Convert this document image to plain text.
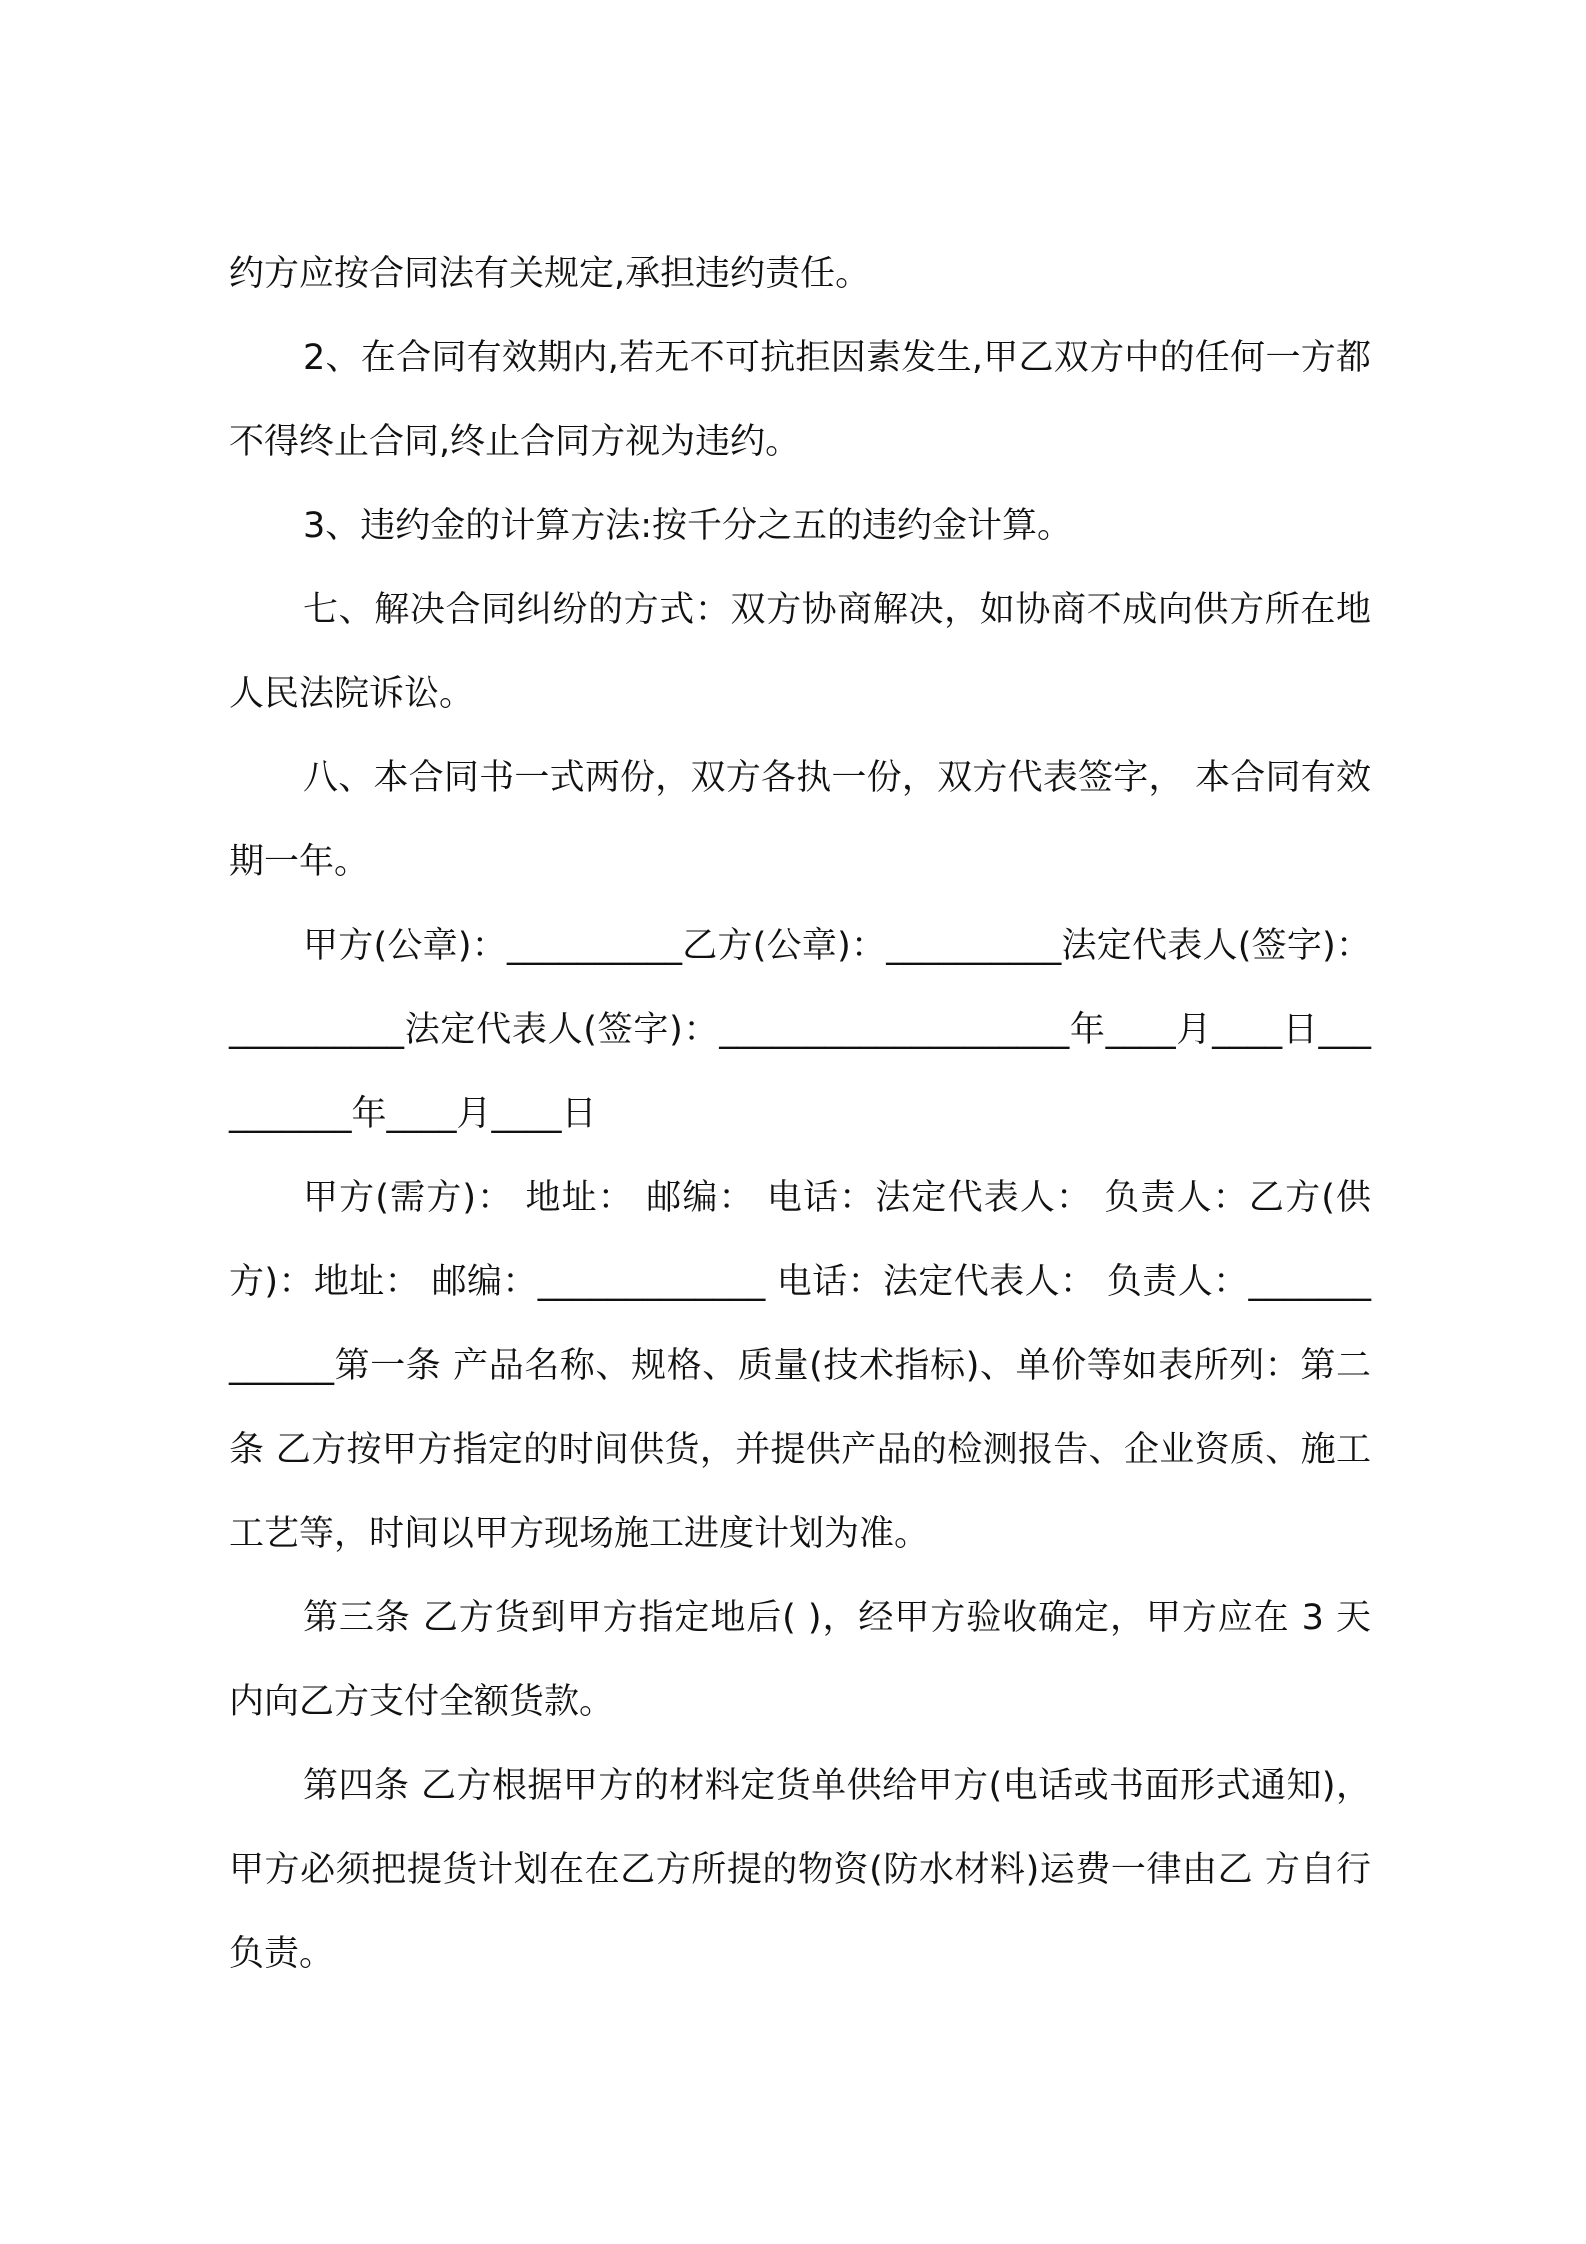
约方应按合同法有关规定,承担违约责任。

2、在合同有效期内,若无不可抗拒因素发生,甲乙双方中的任何一方都不得终止合同,终止合同方视为违约。

3、违约金的计算方法:按千分之五的违约金计算。

七、解决合同纠纷的方式：双方协商解决，如协商不成向供方所在地人民法院诉讼。

八、本合同书一式两份，双方各执一份，双方代表签字， 本合同有效期一年。

甲方(公章)：__________乙方(公章)：__________法定代表人(签字)：__________法定代表人(签字)：____________________年____月____日__________年____月____日

甲方(需方)： 地址： 邮编： 电话：法定代表人： 负责人：乙方(供方)：地址： 邮编：_____________ 电话：法定代表人： 负责人：_____________第一条 产品名称、规格、质量(技术指标)、单价等如表所列：第二条 乙方按甲方指定的时间供货，并提供产品的检测报告、企业资质、施工工艺等，时间以甲方现场施工进度计划为准。

第三条 乙方货到甲方指定地后( )，经甲方验收确定，甲方应在 3 天内向乙方支付全额货款。

第四条 乙方根据甲方的材料定货单供给甲方(电话或书面形式通知)，甲方必须把提货计划在在乙方所提的物资(防水材料)运费一律由乙 方自行负责。
